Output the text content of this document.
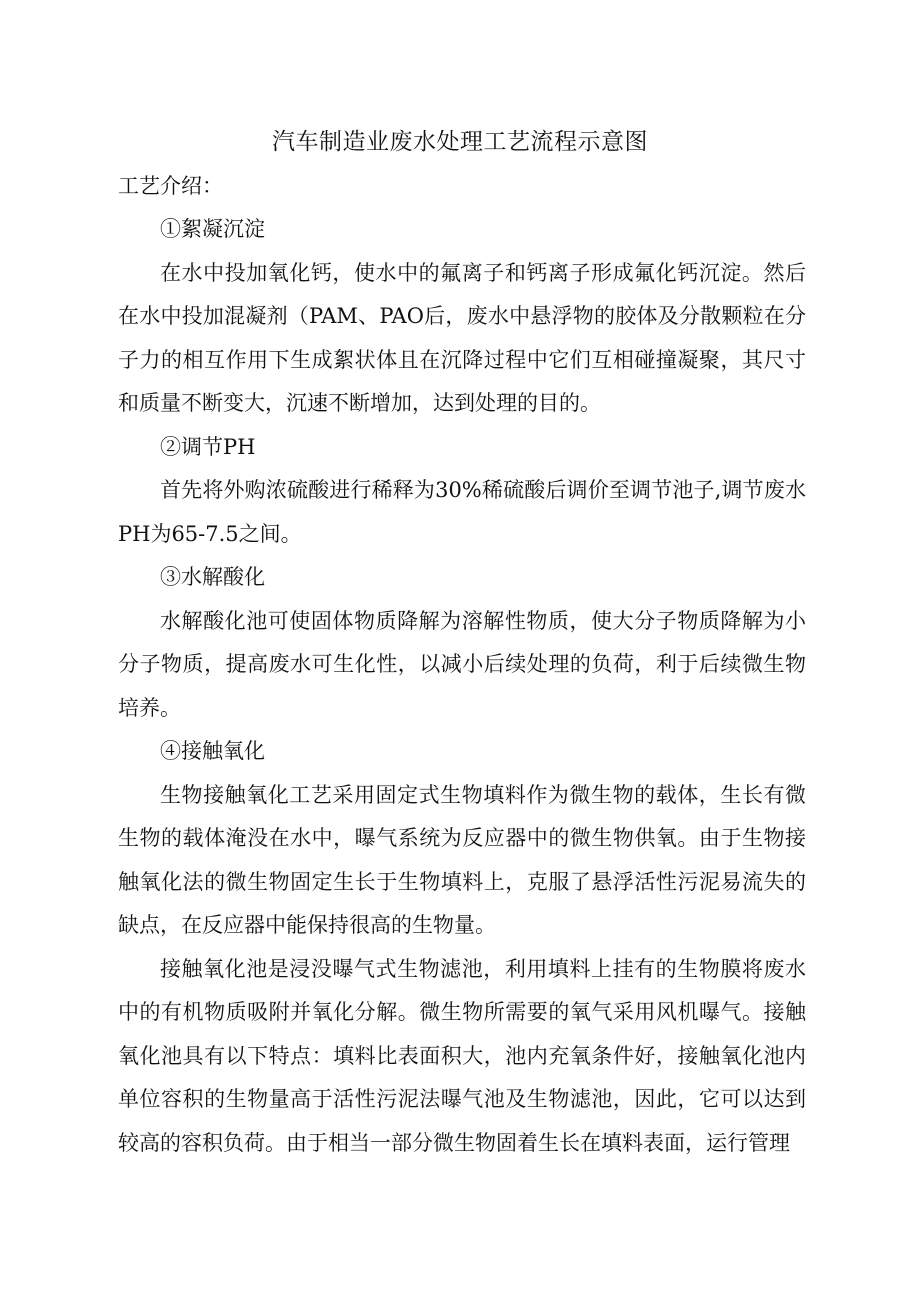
汽车制造业废水处理工艺流程示意图
工艺介绍：
①絮凝沉淀

在水中投加氧化钙，使水中的氟离子和钙离子形成氟化钙沉淀。然后在水中投加混凝剂（PAM、PAO后，废水中悬浮物的胶体及分散颗粒在分子力的相互作用下生成絮状体且在沉降过程中它们互相碰撞凝聚，其尺寸和质量不断变大，沉速不断增加，达到处理的目的。

②调节PH

首先将外购浓硫酸进行稀释为30%稀硫酸后调价至调节池子,调节废水PH为65-7.5之间。

③水解酸化

水解酸化池可使固体物质降解为溶解性物质，使大分子物质降解为小分子物质，提高废水可生化性，以减小后续处理的负荷，利于后续微生物培养。

④接触氧化

生物接触氧化工艺采用固定式生物填料作为微生物的载体，生长有微生物的载体淹没在水中，曝气系统为反应器中的微生物供氧。由于生物接触氧化法的微生物固定生长于生物填料上，克服了悬浮活性污泥易流失的缺点，在反应器中能保持很高的生物量。

接触氧化池是浸没曝气式生物滤池，利用填料上挂有的生物膜将废水中的有机物质吸附并氧化分解。微生物所需要的氧气采用风机曝气。接触氧化池具有以下特点：填料比表面积大，池内充氧条件好，接触氧化池内单位容积的生物量高于活性污泥法曝气池及生物滤池，因此，它可以达到较高的容积负荷。由于相当一部分微生物固着生长在填料表面，运行管理
